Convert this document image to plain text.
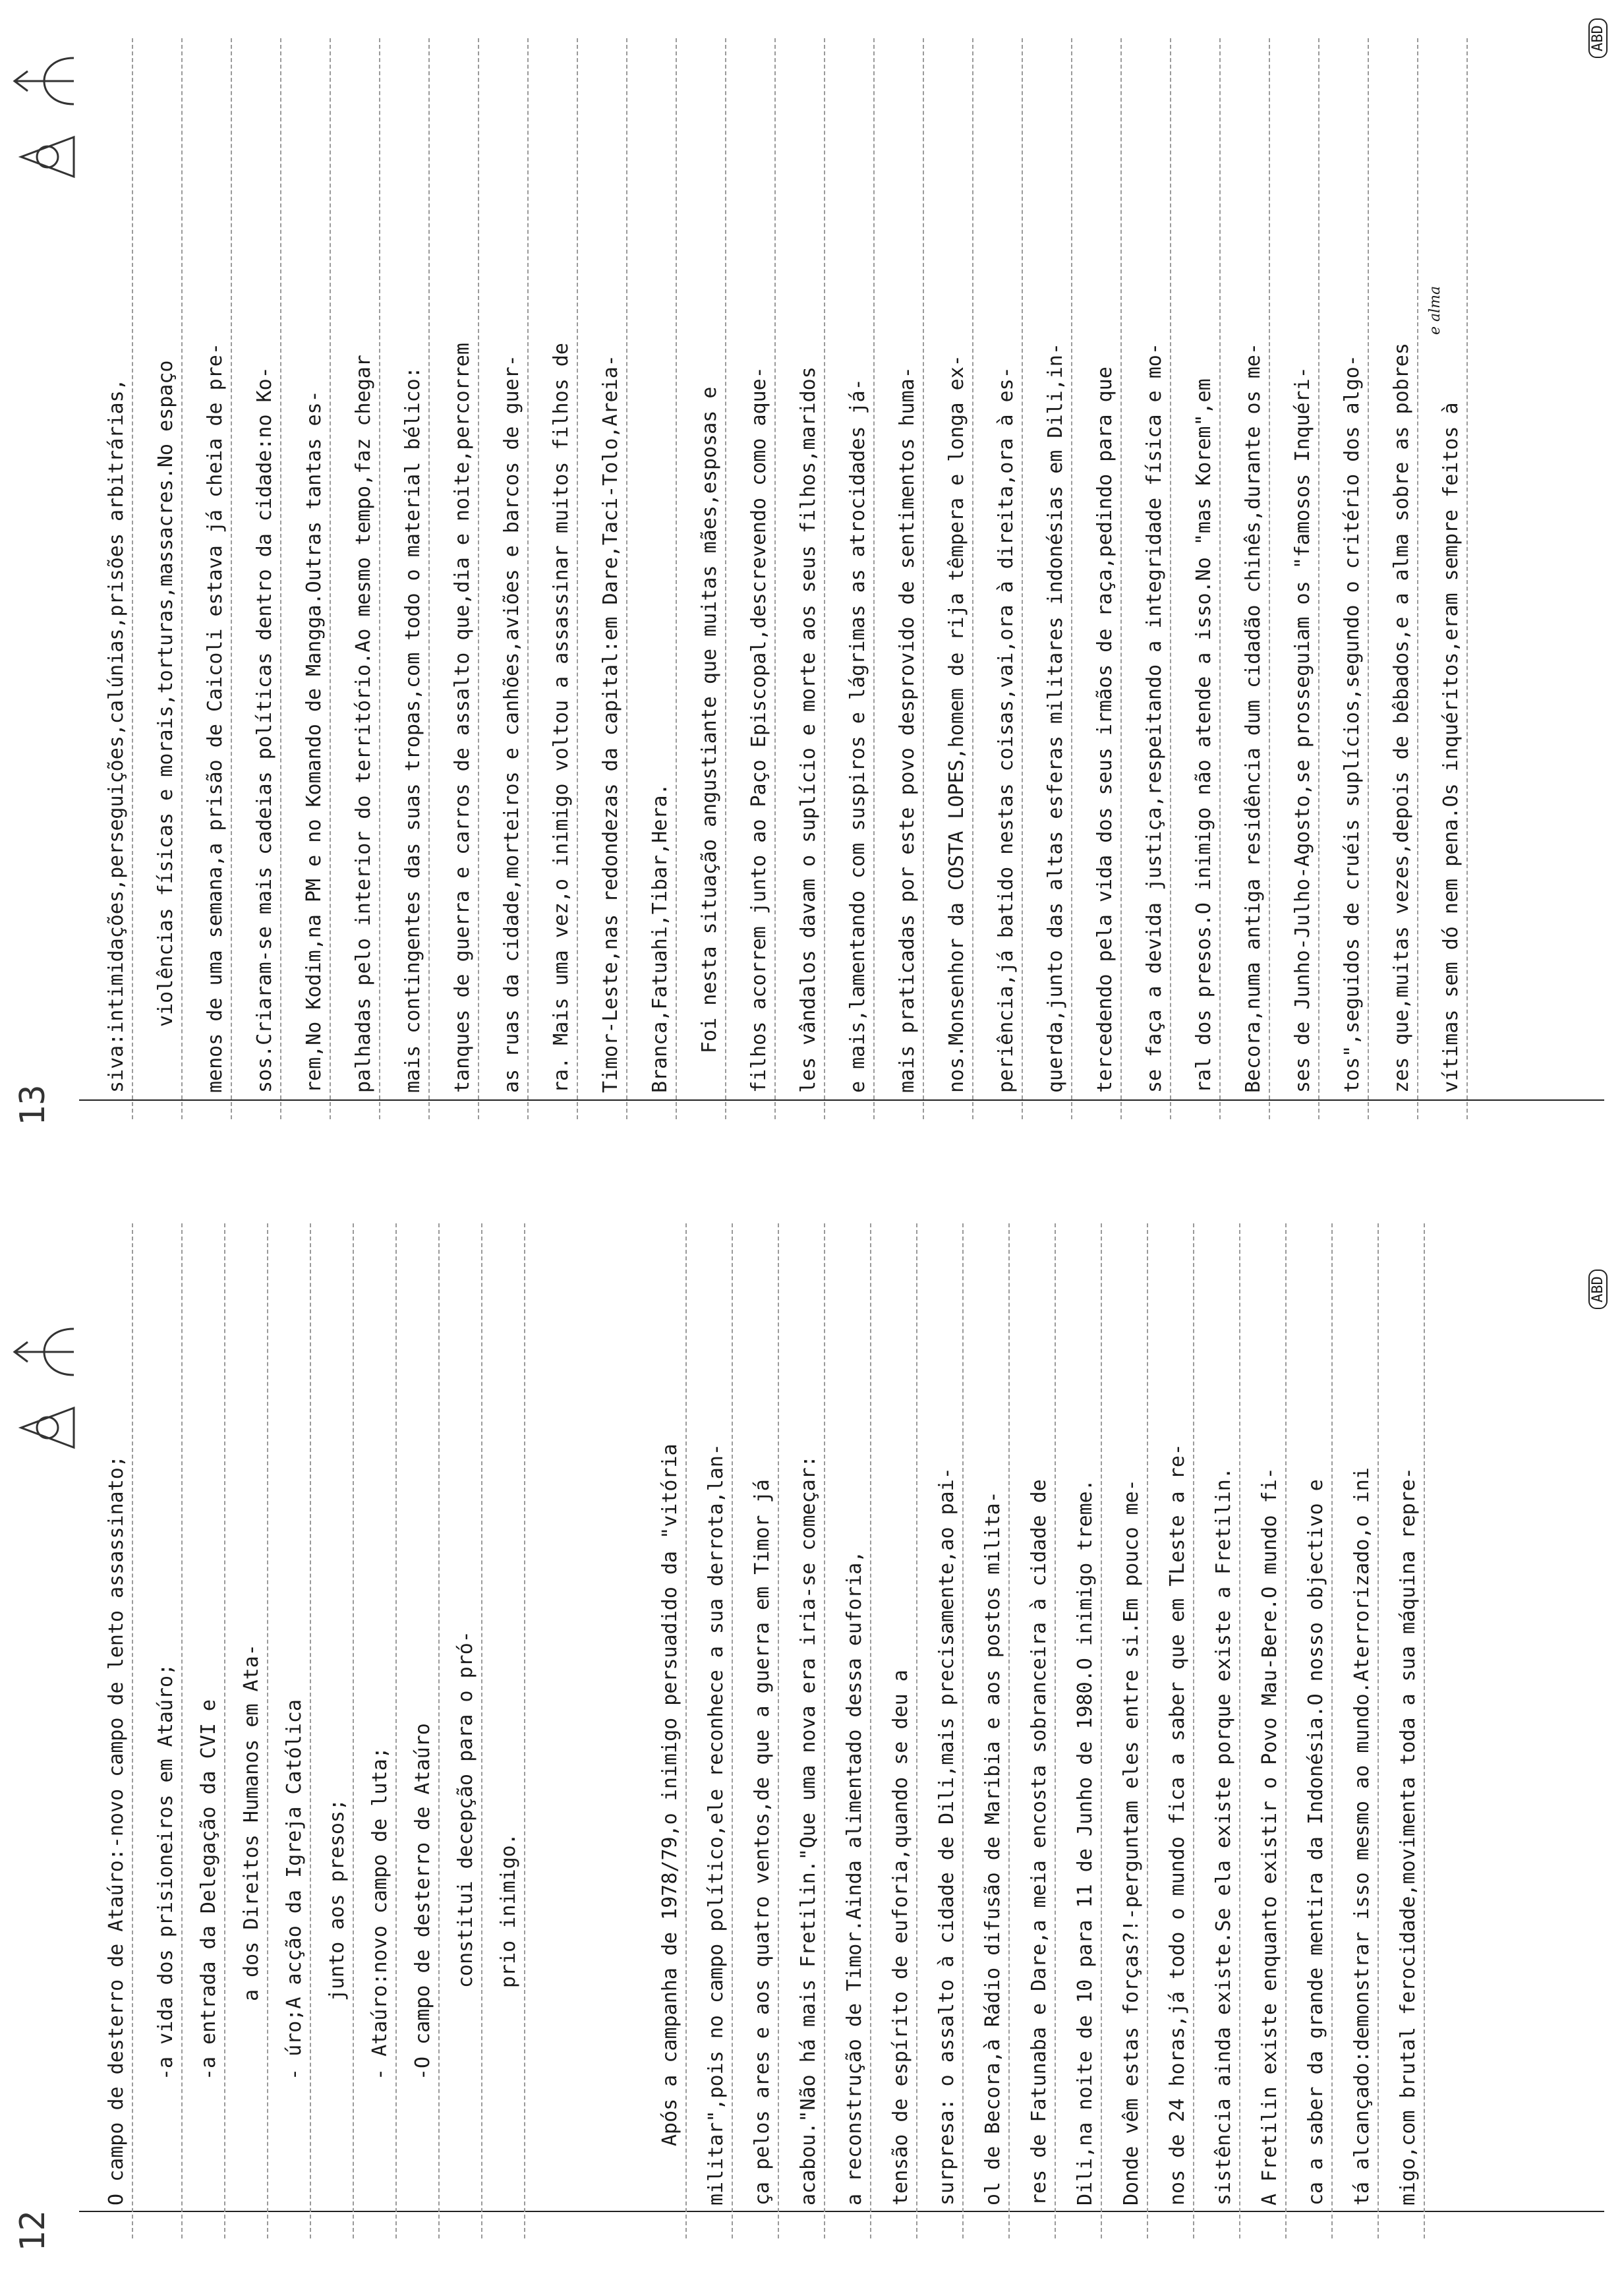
12
O campo de desterro de Ataúro:-novo campo de lento assassinato; -a vida dos prisioneiros em Ataúro; -a entrada da Delegação da CVI e a dos Direitos Humanos em Ata- - úro;A acção da Igreja Católica junto aos presos; - Ataúro:novo campo de luta; -O campo de desterro de Ataúro constitui decepção para o pró- prio inimigo.	Após a campanha de 1978/79,o inimigo persuadido da "vitória militar",pois no campo político,ele reconhece a sua derrota,lan- ça pelos ares e aos quatro ventos,de que a guerra em Timor já acabou."Não há mais Fretilin."Que uma nova era iria-se começar: a reconstrução de Timor.Ainda alimentado dessa euforia, tensão de espírito de euforia,quando se deu a surpresa: o assalto à cidade de Dili,mais precisamente,ao pai- ol de Becora,à Rádio difusão de Maribia e aos postos milita- res de Fatunaba e Dare,a meia encosta sobranceira à cidade de Dili,na noite de 10 para 11 de Junho de 1980.O inimigo treme. Donde vêm estas forças?!-perguntam eles entre si.Em pouco me- nos de 24 horas,já todo o mundo fica a saber que em TLeste a re- sistência ainda existe.Se ela existe porque existe a Fretilin. A Fretilin existe enquanto existir o Povo Mau-Bere.O mundo fi- ca a saber da grande mentira da Indonésia.O nosso objectivo e tá alcançado:demonstrar isso mesmo ao mundo.Aterrorizado,o ini migo,com brutal ferocidade,movimenta toda a sua máquina repre-
ABD
13
siva:intimidações,perseguições,calúnias,prisões arbitrárias, violências físicas e morais,torturas,massacres.No espaço menos de uma semana,a prisão de Caicoli estava já cheia de pre- sos.Criaram-se mais cadeias políticas dentro da cidade:no Ko- rem,No Kodim,na PM e no Komando de Mangga.Outras tantas es- palhadas pelo interior do território.Ao mesmo tempo,faz chegar mais contingentes das suas tropas,com todo o material bélico: tanques de guerra e carros de assalto que,dia e noite,percorrem as ruas da cidade,morteiros e canhões,aviões e barcos de guer- ra. Mais uma vez,o inimigo voltou a assassinar muitos filhos de Timor-Leste,nas redondezas da capital:em Dare,Taci-Tolo,Areia- Branca,Fatuahi,Tibar,Hera. Foi nesta situação angustiante que muitas mães,esposas e filhos acorrem junto ao Paço Episcopal,descrevendo como aque- les vândalos davam o suplício e morte aos seus filhos,maridos e mais,lamentando com suspiros e lágrimas as atrocidades já- mais praticadas por este povo desprovido de sentimentos huma- nos.Monsenhor da COSTA LOPES,homem de rija têmpera e longa ex- periência,já batido nestas coisas,vai,ora à direita,ora à es- querda,junto das altas esferas militares indonésias em Dili,in- tercedendo pela vida dos seus irmãos de raça,pedindo para que se faça a devida justiça,respeitando a integridade física e mo- ral dos presos.O inimigo não atende a isso.No "mas Korem",em Becora,numa antiga residência dum cidadão chinês,durante os me- ses de Junho-Julho-Agosto,se prosseguiam os "famosos Inquéri- tos",seguidos de cruéis suplícios,segundo o critério dos algo- zes que,muitas vezes,depois de bêbados,e a alma sobre as pobres vítimas sem dó nem pena.Os inquéritos,eram sempre feitos à
e alma
ABD
